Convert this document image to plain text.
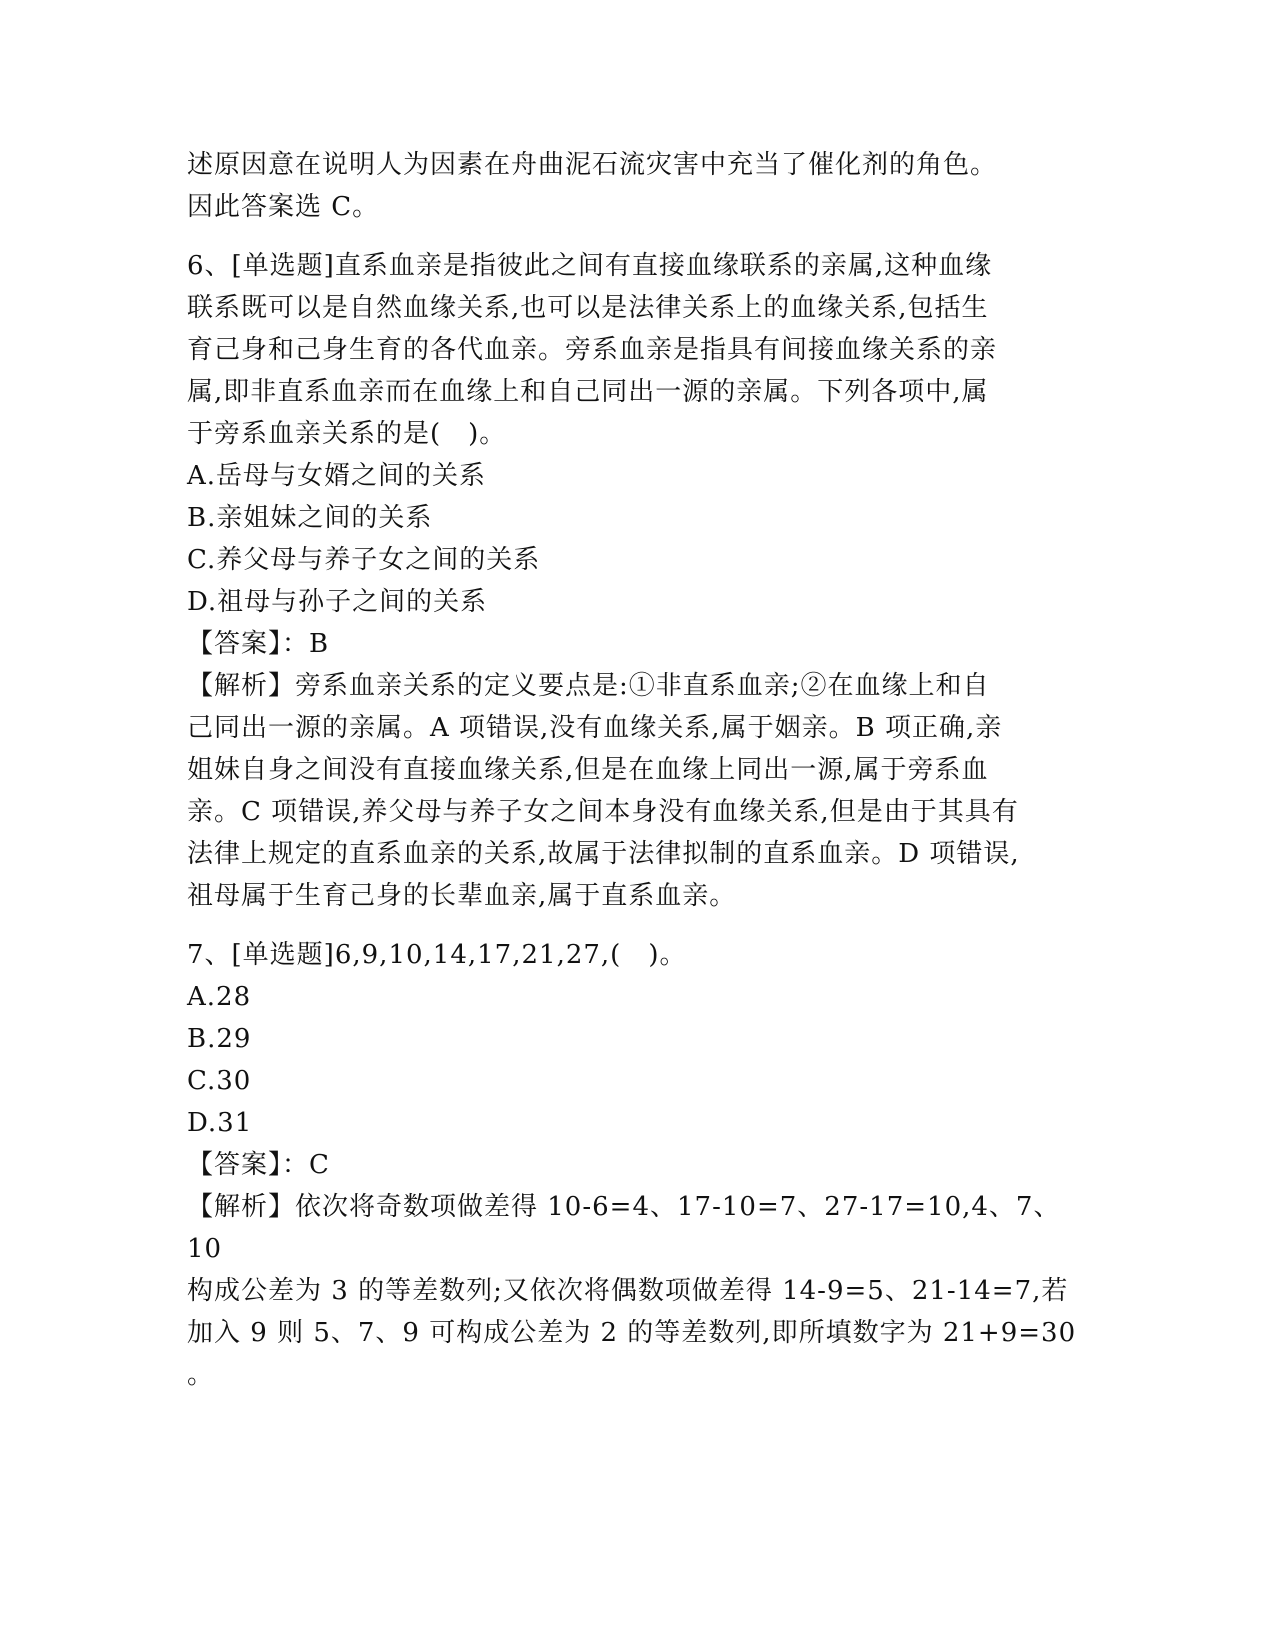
述原因意在说明人为因素在舟曲泥石流灾害中充当了催化剂的角色。

因此答案选 C。

6、[单选题]直系血亲是指彼此之间有直接血缘联系的亲属,这种血缘

联系既可以是自然血缘关系,也可以是法律关系上的血缘关系,包括生

育己身和己身生育的各代血亲。旁系血亲是指具有间接血缘关系的亲

属,即非直系血亲而在血缘上和自己同出一源的亲属。下列各项中,属

于旁系血亲关系的是(　)。

A.岳母与女婿之间的关系

B.亲姐妹之间的关系

C.养父母与养子女之间的关系

D.祖母与孙子之间的关系

【答案】：B

【解析】旁系血亲关系的定义要点是:①非直系血亲;②在血缘上和自

己同出一源的亲属。A 项错误,没有血缘关系,属于姻亲。B 项正确,亲

姐妹自身之间没有直接血缘关系,但是在血缘上同出一源,属于旁系血

亲。C 项错误,养父母与养子女之间本身没有血缘关系,但是由于其具有

法律上规定的直系血亲的关系,故属于法律拟制的直系血亲。D 项错误,

祖母属于生育己身的长辈血亲,属于直系血亲。

7、[单选题]6,9,10,14,17,21,27,(　)。

A.28

B.29

C.30

D.31

【答案】：C

【解析】依次将奇数项做差得 10-6=4、17-10=7、27-17=10,4、7、10

构成公差为 3 的等差数列;又依次将偶数项做差得 14-9=5、21-14=7,若

加入 9 则 5、7、9 可构成公差为 2 的等差数列,即所填数字为 21+9=30

。
